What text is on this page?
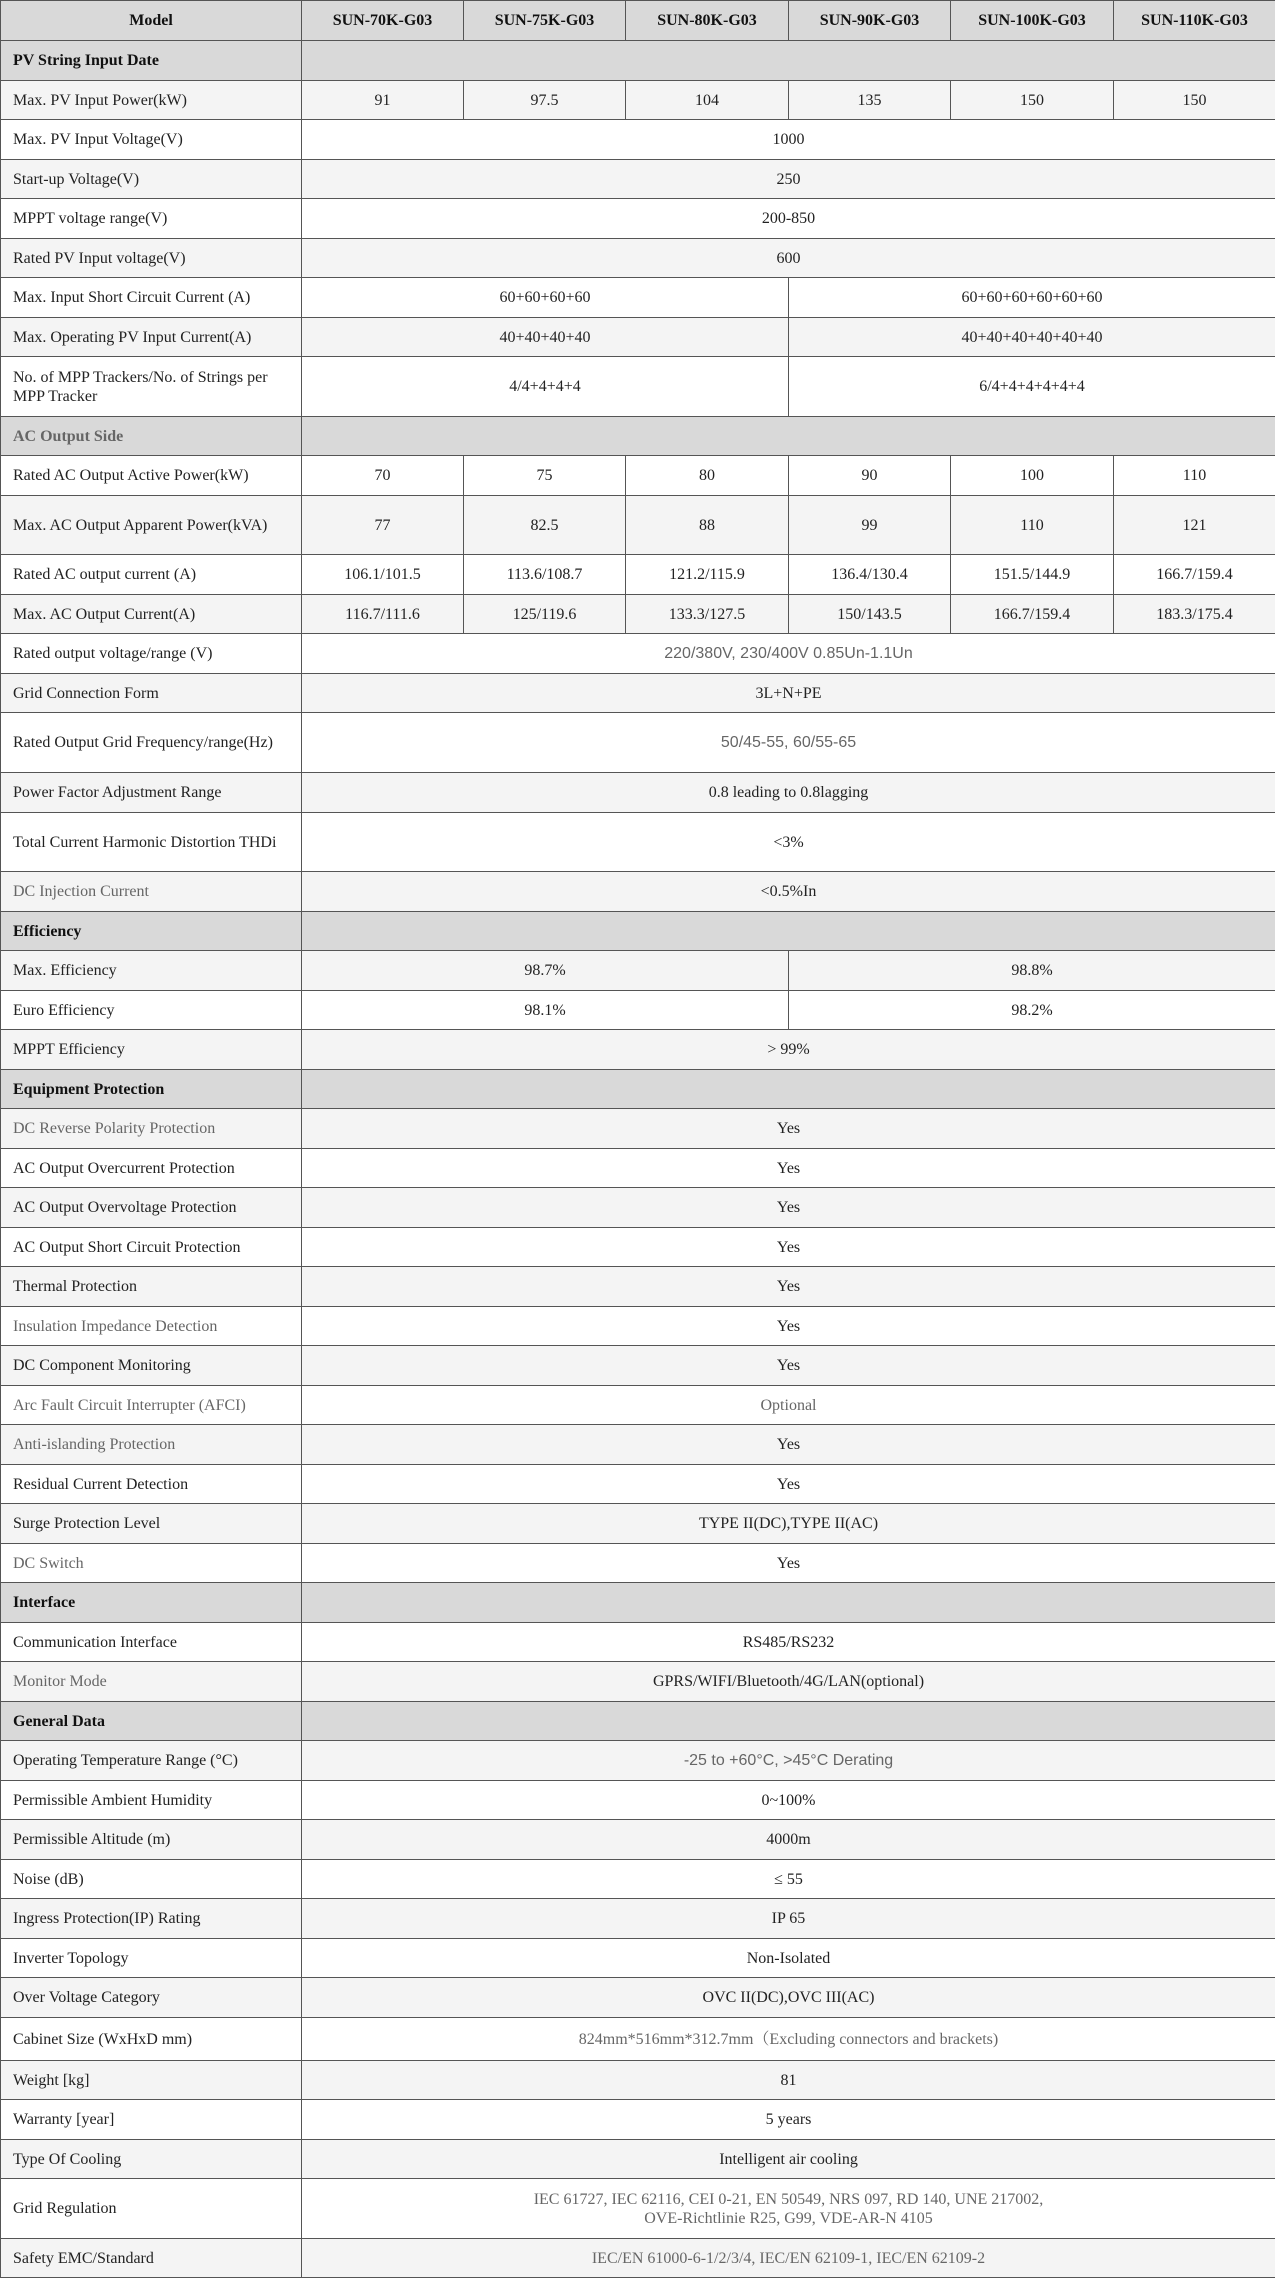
Model	SUN-70K-G03	SUN-75K-G03	SUN-80K-G03	SUN-90K-G03	SUN-100K-G03	SUN-110K-G03
PV String Input Date						
Max. PV Input Power(kW)	91	97.5	104	135	150	150
Max. PV Input Voltage(V)	1000					
Start-up Voltage(V)	250					
MPPT voltage range(V)	200-850					
Rated PV Input voltage(V)	600					
Max. Input Short Circuit Current (A)	60+60+60+60			60+60+60+60+60+60		
Max. Operating PV Input Current(A)	40+40+40+40			40+40+40+40+40+40		
No. of MPP Trackers/No. of Strings per MPP Tracker	4/4+4+4+4			6/4+4+4+4+4+4		
AC Output Side						
Rated AC Output Active Power(kW)	70	75	80	90	100	110
Max. AC Output Apparent Power(kVA)	77	82.5	88	99	110	121
Rated AC output current (A)	106.1/101.5	113.6/108.7	121.2/115.9	136.4/130.4	151.5/144.9	166.7/159.4
Max. AC Output Current(A)	116.7/111.6	125/119.6	133.3/127.5	150/143.5	166.7/159.4	183.3/175.4
Rated output voltage/range (V)	220/380V, 230/400V 0.85Un-1.1Un					
Grid Connection Form	3L+N+PE					
Rated Output Grid Frequency/range(Hz)	50/45-55, 60/55-65					
Power Factor Adjustment Range	0.8 leading to 0.8lagging					
Total Current Harmonic Distortion THDi	<3%					
DC Injection Current	<0.5%In					
Efficiency						
Max. Efficiency	98.7%			98.8%		
Euro Efficiency	98.1%			98.2%		
MPPT Efficiency	> 99%					
Equipment Protection						
DC Reverse Polarity Protection	Yes					
AC Output Overcurrent Protection	Yes					
AC Output Overvoltage Protection	Yes					
AC Output Short Circuit Protection	Yes					
Thermal Protection	Yes					
Insulation Impedance Detection	Yes					
DC Component Monitoring	Yes					
Arc Fault Circuit Interrupter (AFCI)	Optional					
Anti-islanding Protection	Yes					
Residual Current Detection	Yes					
Surge Protection Level	TYPE II(DC),TYPE II(AC)					
DC Switch	Yes					
Interface						
Communication Interface	RS485/RS232					
Monitor Mode	GPRS/WIFI/Bluetooth/4G/LAN(optional)					
General Data						
Operating Temperature Range (°C)	-25 to +60°C, >45°C Derating					
Permissible Ambient Humidity	0~100%					
Permissible Altitude (m)	4000m					
Noise (dB)	≤ 55					
Ingress Protection(IP) Rating	IP 65					
Inverter Topology	Non-Isolated					
Over Voltage Category	OVC II(DC),OVC III(AC)					
Cabinet Size (WxHxD mm)	824mm*516mm*312.7mm（Excluding connectors and brackets)					
Weight [kg]	81					
Warranty [year]	5 years					
Type Of Cooling	Intelligent air cooling					
Grid Regulation	IEC 61727, IEC 62116, CEI 0-21, EN 50549, NRS 097, RD 140, UNE 217002,
OVE-Richtlinie R25, G99, VDE-AR-N 4105					

Safety EMC/Standard	IEC/EN 61000-6-1/2/3/4, IEC/EN 62109-1, IEC/EN 62109-2					
